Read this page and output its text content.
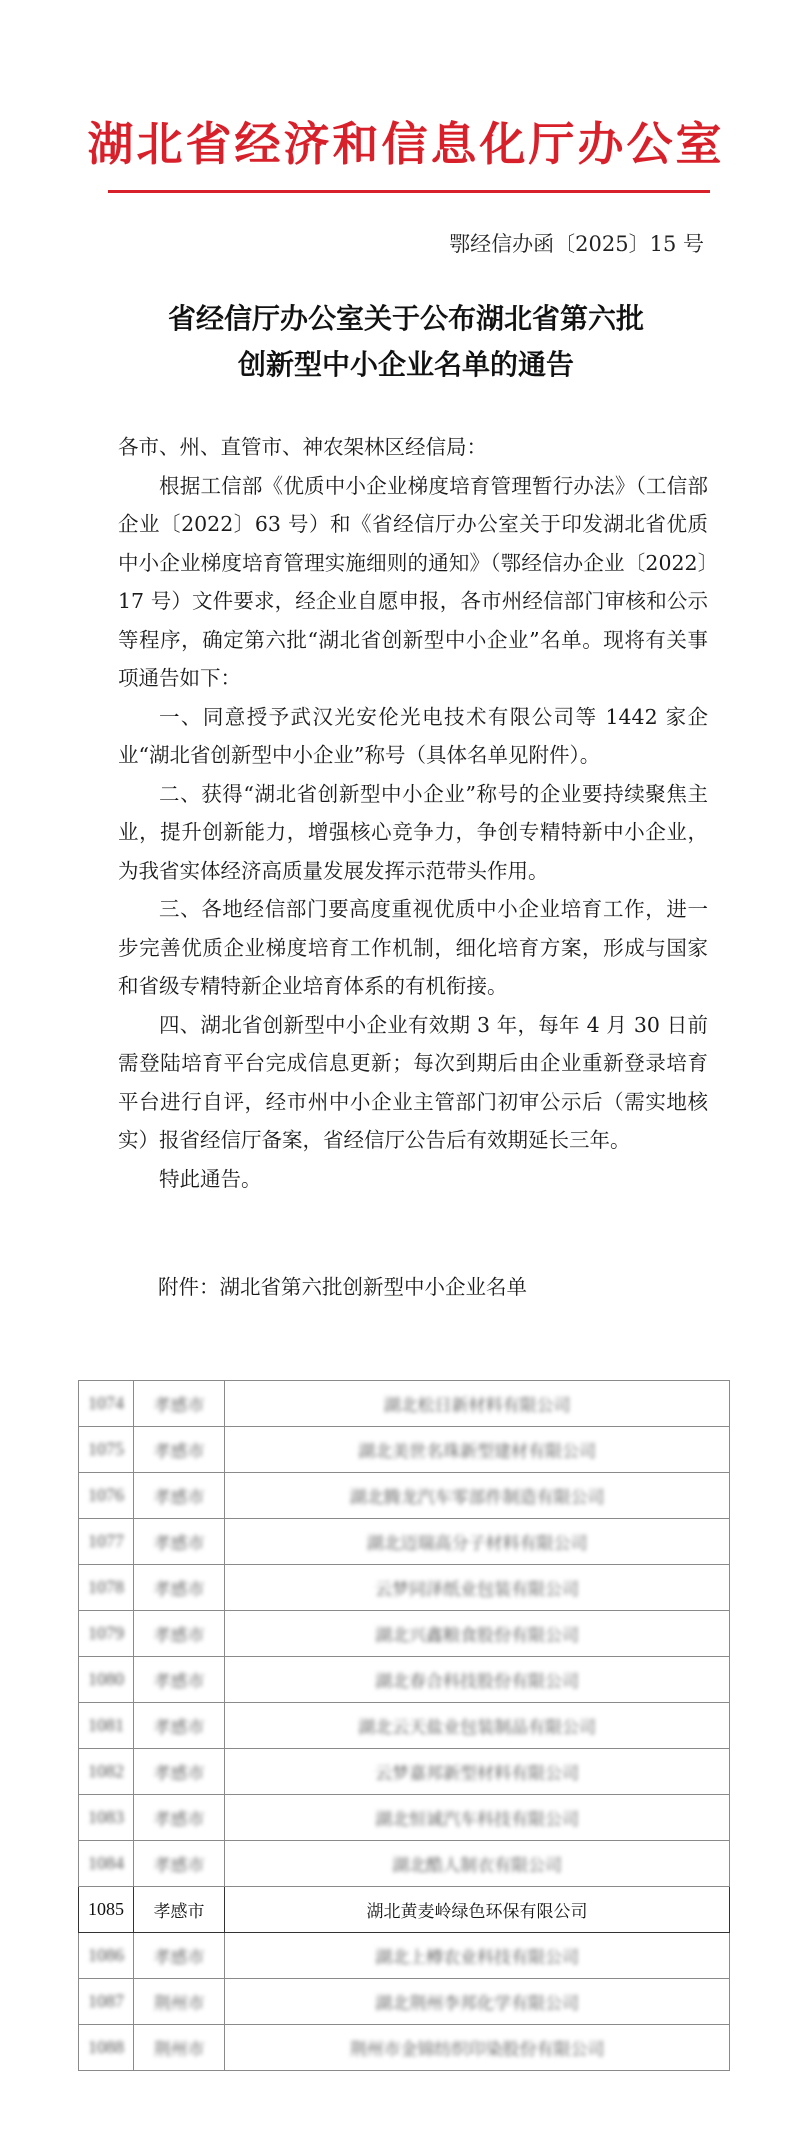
湖北省经济和信息化厅办公室
鄂经信办函〔2025〕15 号
省经信厅办公室关于公布湖北省第六批
创新型中小企业名单的通告

各市、州、直管市、神农架林区经信局：

根据工信部《优质中小企业梯度培育管理暂行办法》（工信部企业〔2022〕63 号）和《省经信厅办公室关于印发湖北省优质中小企业梯度培育管理实施细则的通知》（鄂经信办企业〔2022〕17 号）文件要求，经企业自愿申报，各市州经信部门审核和公示等程序，确定第六批“湖北省创新型中小企业”名单。现将有关事项通告如下：

一、同意授予武汉光安伦光电技术有限公司等 1442 家企业“湖北省创新型中小企业”称号（具体名单见附件）。

二、获得“湖北省创新型中小企业”称号的企业要持续聚焦主业，提升创新能力，增强核心竞争力，争创专精特新中小企业，为我省实体经济高质量发展发挥示范带头作用。

三、各地经信部门要高度重视优质中小企业培育工作，进一步完善优质企业梯度培育工作机制，细化培育方案，形成与国家和省级专精特新企业培育体系的有机衔接。

四、湖北省创新型中小企业有效期 3 年，每年 4 月 30 日前需登陆培育平台完成信息更新；每次到期后由企业重新登录培育平台进行自评，经市州中小企业主管部门初审公示后（需实地核实）报省经信厅备案，省经信厅公告后有效期延长三年。

特此通告。

附件：湖北省第六批创新型中小企业名单
1074	孝感市	湖北松日新材料有限公司
1075	孝感市	湖北美世名珠新型建材有限公司
1076	孝感市	湖北腾龙汽车零部件制造有限公司
1077	孝感市	湖北迈瑞高分子材料有限公司
1078	孝感市	云梦同泽纸业包装有限公司
1079	孝感市	湖北兴鑫粮食股份有限公司
1080	孝感市	湖北春合科技股份有限公司
1081	孝感市	湖北云天盐业包装制品有限公司
1082	孝感市	云梦嘉邦新型材料有限公司
1083	孝感市	湖北恒诚汽车科技有限公司
1084	孝感市	湖北酷人制衣有限公司
1085	孝感市	湖北黄麦岭绿色环保有限公司
1086	孝感市	湖北上樽农业科技有限公司
1087	荆州市	湖北荆州李邦化学有限公司
1088	荆州市	荆州市金锦纺织印染股份有限公司
